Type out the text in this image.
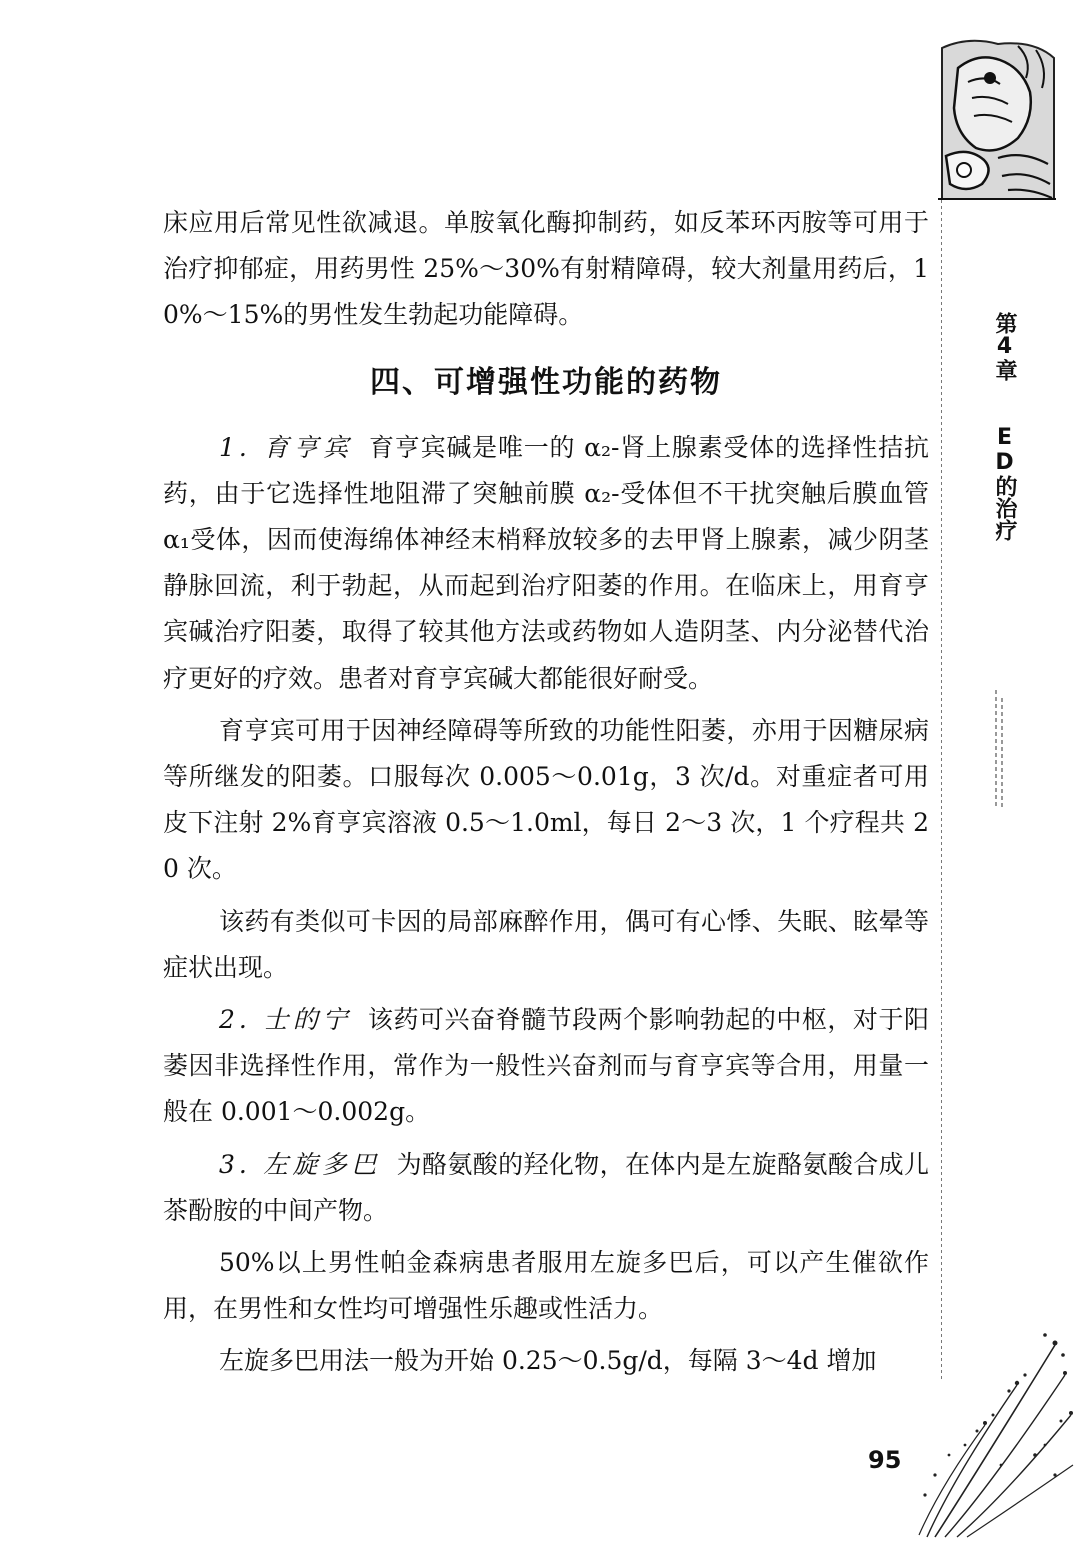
第4章
ED的治疗

床应用后常见性欲减退。单胺氧化酶抑制药，如反苯环丙胺等可用于治疗抑郁症，用药男性 25%～30%有射精障碍，较大剂量用药后，10%～15%的男性发生勃起功能障碍。

四、可增强性功能的药物

1. 育亨宾 育亨宾碱是唯一的 α₂-肾上腺素受体的选择性拮抗药，由于它选择性地阻滞了突触前膜 α₂-受体但不干扰突触后膜血管 α₁受体，因而使海绵体神经末梢释放较多的去甲肾上腺素，减少阴茎静脉回流，利于勃起，从而起到治疗阳萎的作用。在临床上，用育亨宾碱治疗阳萎，取得了较其他方法或药物如人造阴茎、内分泌替代治疗更好的疗效。患者对育亨宾碱大都能很好耐受。

育亨宾可用于因神经障碍等所致的功能性阳萎，亦用于因糖尿病等所继发的阳萎。口服每次 0.005～0.01g，3 次/d。对重症者可用皮下注射 2%育亨宾溶液 0.5～1.0ml，每日 2～3 次，1 个疗程共 20 次。

该药有类似可卡因的局部麻醉作用，偶可有心悸、失眠、眩晕等症状出现。

2. 士的宁 该药可兴奋脊髓节段两个影响勃起的中枢，对于阳萎因非选择性作用，常作为一般性兴奋剂而与育亨宾等合用，用量一般在 0.001～0.002g。

3. 左旋多巴 为酪氨酸的羟化物，在体内是左旋酪氨酸合成儿茶酚胺的中间产物。

50%以上男性帕金森病患者服用左旋多巴后，可以产生催欲作用，在男性和女性均可增强性乐趣或性活力。

左旋多巴用法一般为开始 0.25～0.5g/d，每隔 3～4d 增加

95
